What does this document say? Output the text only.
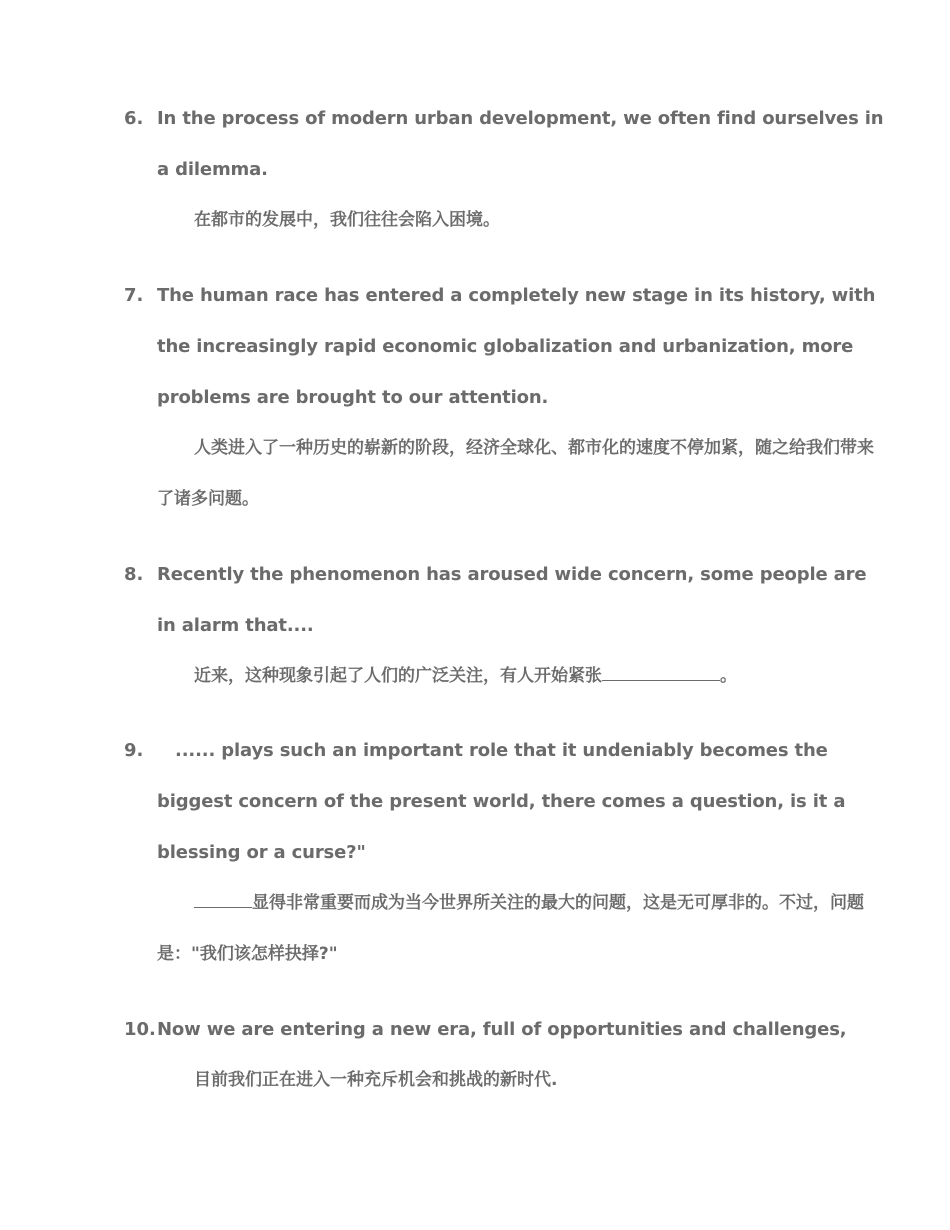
6. In the process of modern urban development, we often find ourselves in a dilemma.
在都市的发展中，我们往往会陷入困境。
7. The human race has entered a completely new stage in its history, with the increasingly rapid economic globalization and urbanization, more problems are brought to our attention.
人类进入了一种历史的崭新的阶段，经济全球化、都市化的速度不停加紧，随之给我们带来了诸多问题。
8. Recently the phenomenon has aroused wide concern, some people are in alarm that....
近来，这种现象引起了人们的广泛关注，有人开始紧张	。
9.	...... plays such an important role that it undeniably becomes the biggest concern of the present world, there comes a question, is it a blessing or a curse?"
显得非常重要而成为当今世界所关注的最大的问题，这是无可厚非的。不过，问题是："我们该怎样抉择?"
10. Now we are entering a new era, full of opportunities and challenges,
目前我们正在进入一种充斥机会和挑战的新时代.
